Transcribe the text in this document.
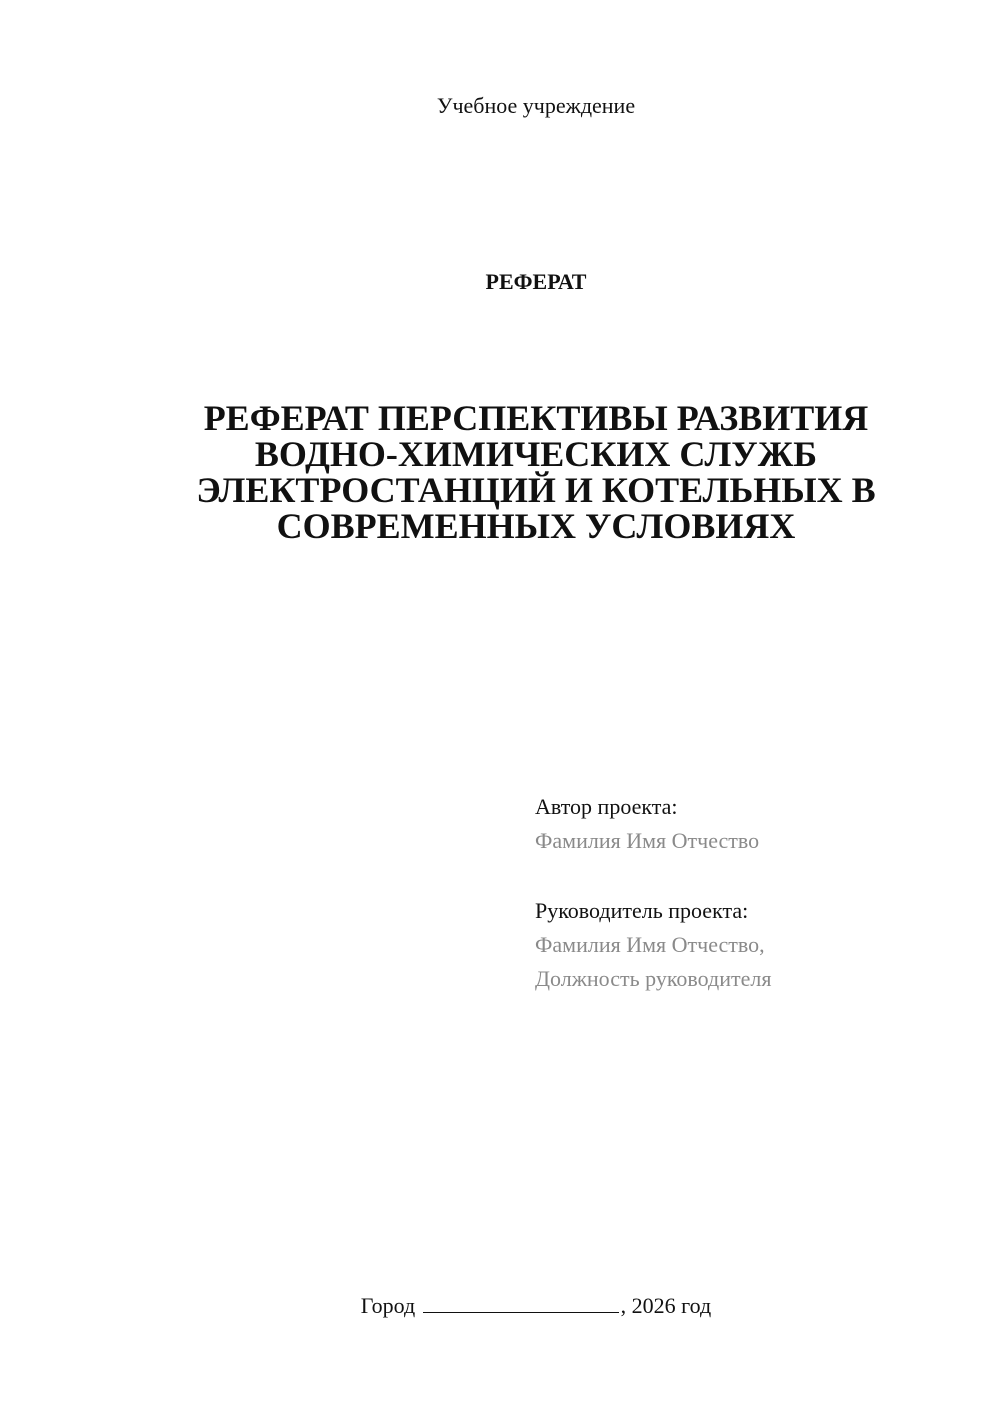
Учебное учреждение
РЕФЕРАТ
РЕФЕРАТ ПЕРСПЕКТИВЫ РАЗВИТИЯ ВОДНО-ХИМИЧЕСКИХ СЛУЖБ ЭЛЕКТРОСТАНЦИЙ И КОТЕЛЬНЫХ В СОВРЕМЕННЫХ УСЛОВИЯХ
Автор проекта:
Фамилия Имя Отчество
Руководитель проекта:
Фамилия Имя Отчество,
Должность руководителя
Город	, 2026 год
